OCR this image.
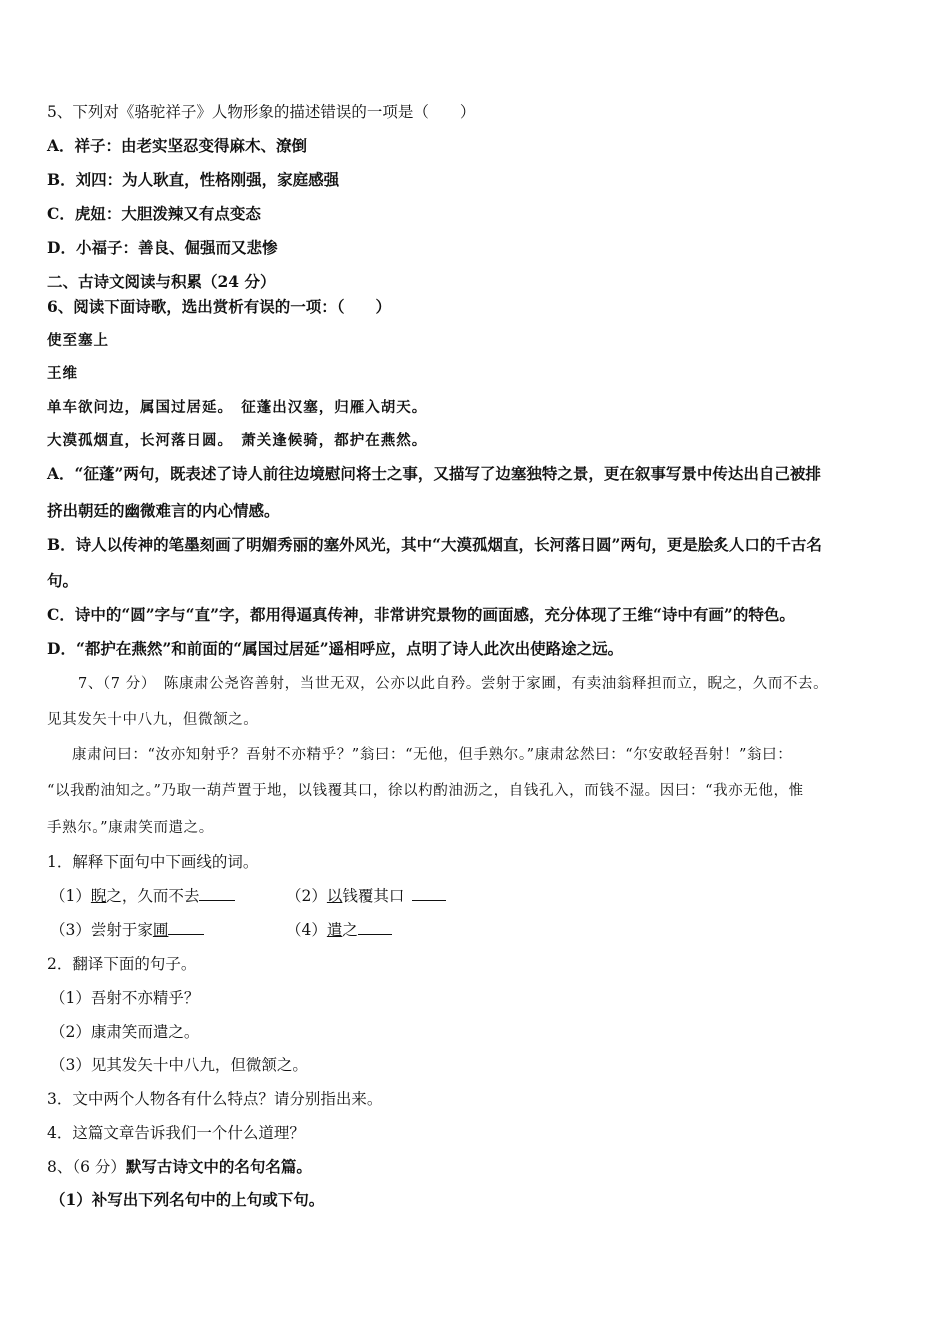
5、下列对《骆驼祥子》人物形象的描述错误的一项是（　　）
A．祥子：由老实坚忍变得麻木、潦倒
B．刘四：为人耿直，性格刚强，家庭感强
C．虎妞：大胆泼辣又有点变态
D．小福子：善良、倔强而又悲惨
二、古诗文阅读与积累（24 分）
6、阅读下面诗歌，选出赏析有误的一项：（　　）
使至塞上
王维
单车欲问边，属国过居延。　征蓬出汉塞，归雁入胡天。
大漠孤烟直，长河落日圆。　萧关逢候骑，都护在燕然。
A．“征蓬”两句，既表述了诗人前往边境慰问将士之事，又描写了边塞独特之景，更在叙事写景中传达出自己被排
挤出朝廷的幽微难言的内心情感。
B．诗人以传神的笔墨刻画了明媚秀丽的塞外风光，其中“大漠孤烟直，长河落日圆”两句，更是脍炙人口的千古名
句。
C．诗中的“圆”字与“直”字，都用得逼真传神，非常讲究景物的画面感，充分体现了王维“诗中有画”的特色。
D．“都护在燕然”和前面的“属国过居延”遥相呼应，点明了诗人此次出使路途之远。
7、（7 分）　陈康肃公尧咨善射，当世无双，公亦以此自矜。尝射于家圃，有卖油翁释担而立，睨之，久而不去。
见其发矢十中八九，但微颔之。
康肃问曰：“汝亦知射乎？吾射不亦精乎？”翁曰：“无他，但手熟尔。”康肃忿然曰：“尔安敢轻吾射！”翁曰：
“以我酌油知之。”乃取一葫芦置于地，以钱覆其口，徐以杓酌油沥之，自钱孔入，而钱不湿。因曰：“我亦无他，惟
手熟尔。”康肃笑而遣之。
1．解释下面句中下画线的词。
（1）睨之，久而不去	（2）以钱覆其口
（3）尝射于家圃	（4）遣之
2．翻译下面的句子。
（1）吾射不亦精乎？
（2）康肃笑而遣之。
（3）见其发矢十中八九，但微颔之。
3．文中两个人物各有什么特点？请分别指出来。
4．这篇文章告诉我们一个什么道理？
8、（6 分）默写古诗文中的名句名篇。
（1）补写出下列名句中的上句或下句。
